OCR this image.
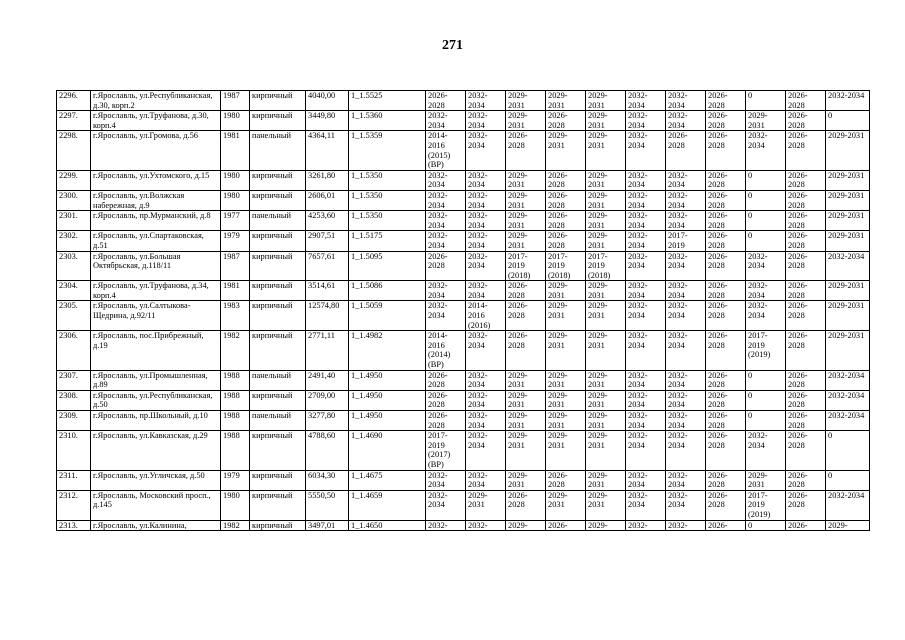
271
2296.	г.Ярославль, ул.Республиканская, д.30, корп.2	1987	кирпичный	4040,00	1_1.5525	2026-2028	2032-2034	2029-2031	2029-2031	2029-2031	2032-2034	2032-2034	2026-2028	0	2026-2028	2032-2034
2297.	г.Ярославль, ул.Труфанова, д.30, корп.4	1980	кирпичный	3449,80	1_1.5360	2032-2034	2032-2034	2029-2031	2026-2028	2029-2031	2032-2034	2032-2034	2026-2028	2029-2031	2026-2028	0
2298.	г.Ярославль, ул.Громова, д.56	1981	панельный	4364,11	1_1.5359	2014-2016 (2015) (ВР)	2032-2034	2026-2028	2029-2031	2029-2031	2032-2034	2026-2028	2026-2028	2032-2034	2026-2028	2029-2031
2299.	г.Ярославль, ул.Ухтомского, д.15	1980	кирпичный	3261,80	1_1.5350	2032-2034	2032-2034	2029-2031	2026-2028	2029-2031	2032-2034	2032-2034	2026-2028	0	2026-2028	2029-2031
2300.	г.Ярославль, ул.Волжская набережная, д.9	1980	кирпичный	2606,01	1_1.5350	2032-2034	2032-2034	2029-2031	2026-2028	2029-2031	2032-2034	2032-2034	2026-2028	0	2026-2028	2029-2031
2301.	г.Ярославль, пр.Мурманский, д.8	1977	панельный	4253,60	1_1.5350	2032-2034	2032-2034	2029-2031	2026-2028	2029-2031	2032-2034	2032-2034	2026-2028	0	2026-2028	2029-2031
2302.	г.Ярославль, ул.Спартаковская, д.51	1979	кирпичный	2907,51	1_1.5175	2032-2034	2032-2034	2029-2031	2026-2028	2029-2031	2032-2034	2017-2019	2026-2028	0	2026-2028	2029-2031
2303.	г.Ярославль, ул.Большая Октябрьская, д.118/11	1987	кирпичный	7657,61	1_1.5095	2026-2028	2032-2034	2017-2019 (2018)	2017-2019 (2018)	2017-2019 (2018)	2032-2034	2032-2034	2026-2028	2032-2034	2026-2028	2032-2034
2304.	г.Ярославль, ул.Труфанова, д.34, корп.4	1981	кирпичный	3514,61	1_1.5086	2032-2034	2032-2034	2026-2028	2029-2031	2029-2031	2032-2034	2032-2034	2026-2028	2032-2034	2026-2028	2029-2031
2305.	г.Ярославль, ул.Салтыкова-Щедрина, д.92/11	1983	кирпичный	12574,80	1_1.5059	2032-2034	2014-2016 (2016)	2026-2028	2029-2031	2029-2031	2032-2034	2032-2034	2026-2028	2032-2034	2026-2028	2029-2031
2306.	г.Ярославль, пос.Прибрежный, д.19	1982	кирпичный	2771,11	1_1.4982	2014-2016 (2014) (ВР)	2032-2034	2026-2028	2029-2031	2029-2031	2032-2034	2032-2034	2026-2028	2017-2019 (2019)	2026-2028	2029-2031
2307.	г.Ярославль, ул.Промышленная, д.89	1988	панельный	2491,40	1_1.4950	2026-2028	2032-2034	2029-2031	2029-2031	2029-2031	2032-2034	2032-2034	2026-2028	0	2026-2028	2032-2034
2308.	г.Ярославль, ул.Республиканская, д.50	1988	кирпичный	2709,00	1_1.4950	2026-2028	2032-2034	2029-2031	2029-2031	2029-2031	2032-2034	2032-2034	2026-2028	0	2026-2028	2032-2034
2309.	г.Ярославль, пр.Школьный, д.10	1988	панельный	3277,80	1_1.4950	2026-2028	2032-2034	2029-2031	2029-2031	2029-2031	2032-2034	2032-2034	2026-2028	0	2026-2028	2032-2034
2310.	г.Ярославль, ул.Кавказская, д.29	1988	кирпичный	4788,60	1_1.4690	2017-2019 (2017) (ВР)	2032-2034	2029-2031	2029-2031	2029-2031	2032-2034	2032-2034	2026-2028	2032-2034	2026-2028	0
2311.	г.Ярославль, ул.Угличская, д.50	1979	кирпичный	6034,30	1_1.4675	2032-2034	2032-2034	2029-2031	2026-2028	2029-2031	2032-2034	2032-2034	2026-2028	2029-2031	2026-2028	0
2312.	г.Ярославль, Московский просп., д.145	1980	кирпичный	5550,50	1_1.4659	2032-2034	2029-2031	2026-2028	2029-2031	2029-2031	2032-2034	2032-2034	2026-2028	2017-2019 (2019)	2026-2028	2032-2034
2313.	г.Ярославль, ул.Калинина,	1982	кирпичный	3497,01	1_1.4650	2032-	2032-	2029-	2026-	2029-	2032-	2032-	2026-	0	2026-	2029-
